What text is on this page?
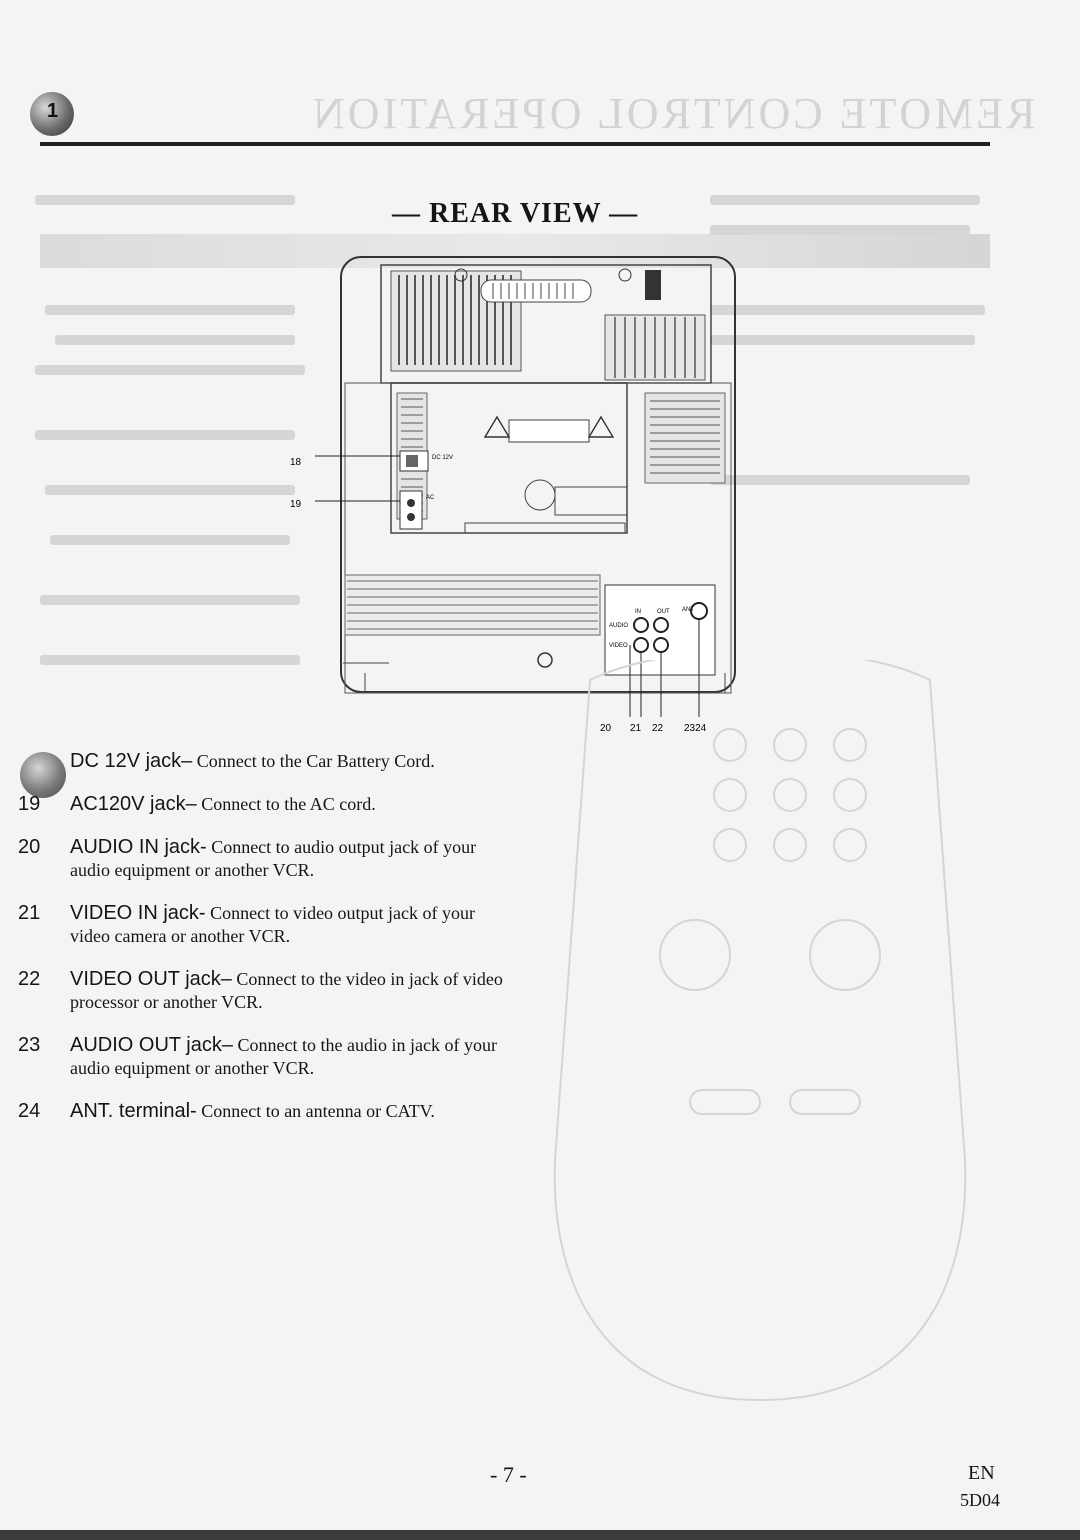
1	REMOTE CONTROL OPERATION
— REAR VIEW —
DC 12V
AC
IN	OUT
AUDIO
VIDEO
ANT
18
19
20 21 22 2324
DC 12V jack– Connect to the Car Battery Cord.
19	AC120V jack– Connect to the AC cord.
20	AUDIO IN jack- Connect to audio output jack of your audio equipment or another VCR.
21	VIDEO IN jack- Connect to video output jack of your video camera or another VCR.
22	VIDEO OUT jack– Connect to the video in jack of video processor or another VCR.
23	AUDIO OUT jack– Connect to the audio in jack of your audio equipment or another VCR.
24	ANT. terminal- Connect to an antenna or CATV.
- 7 -	EN
5D04
